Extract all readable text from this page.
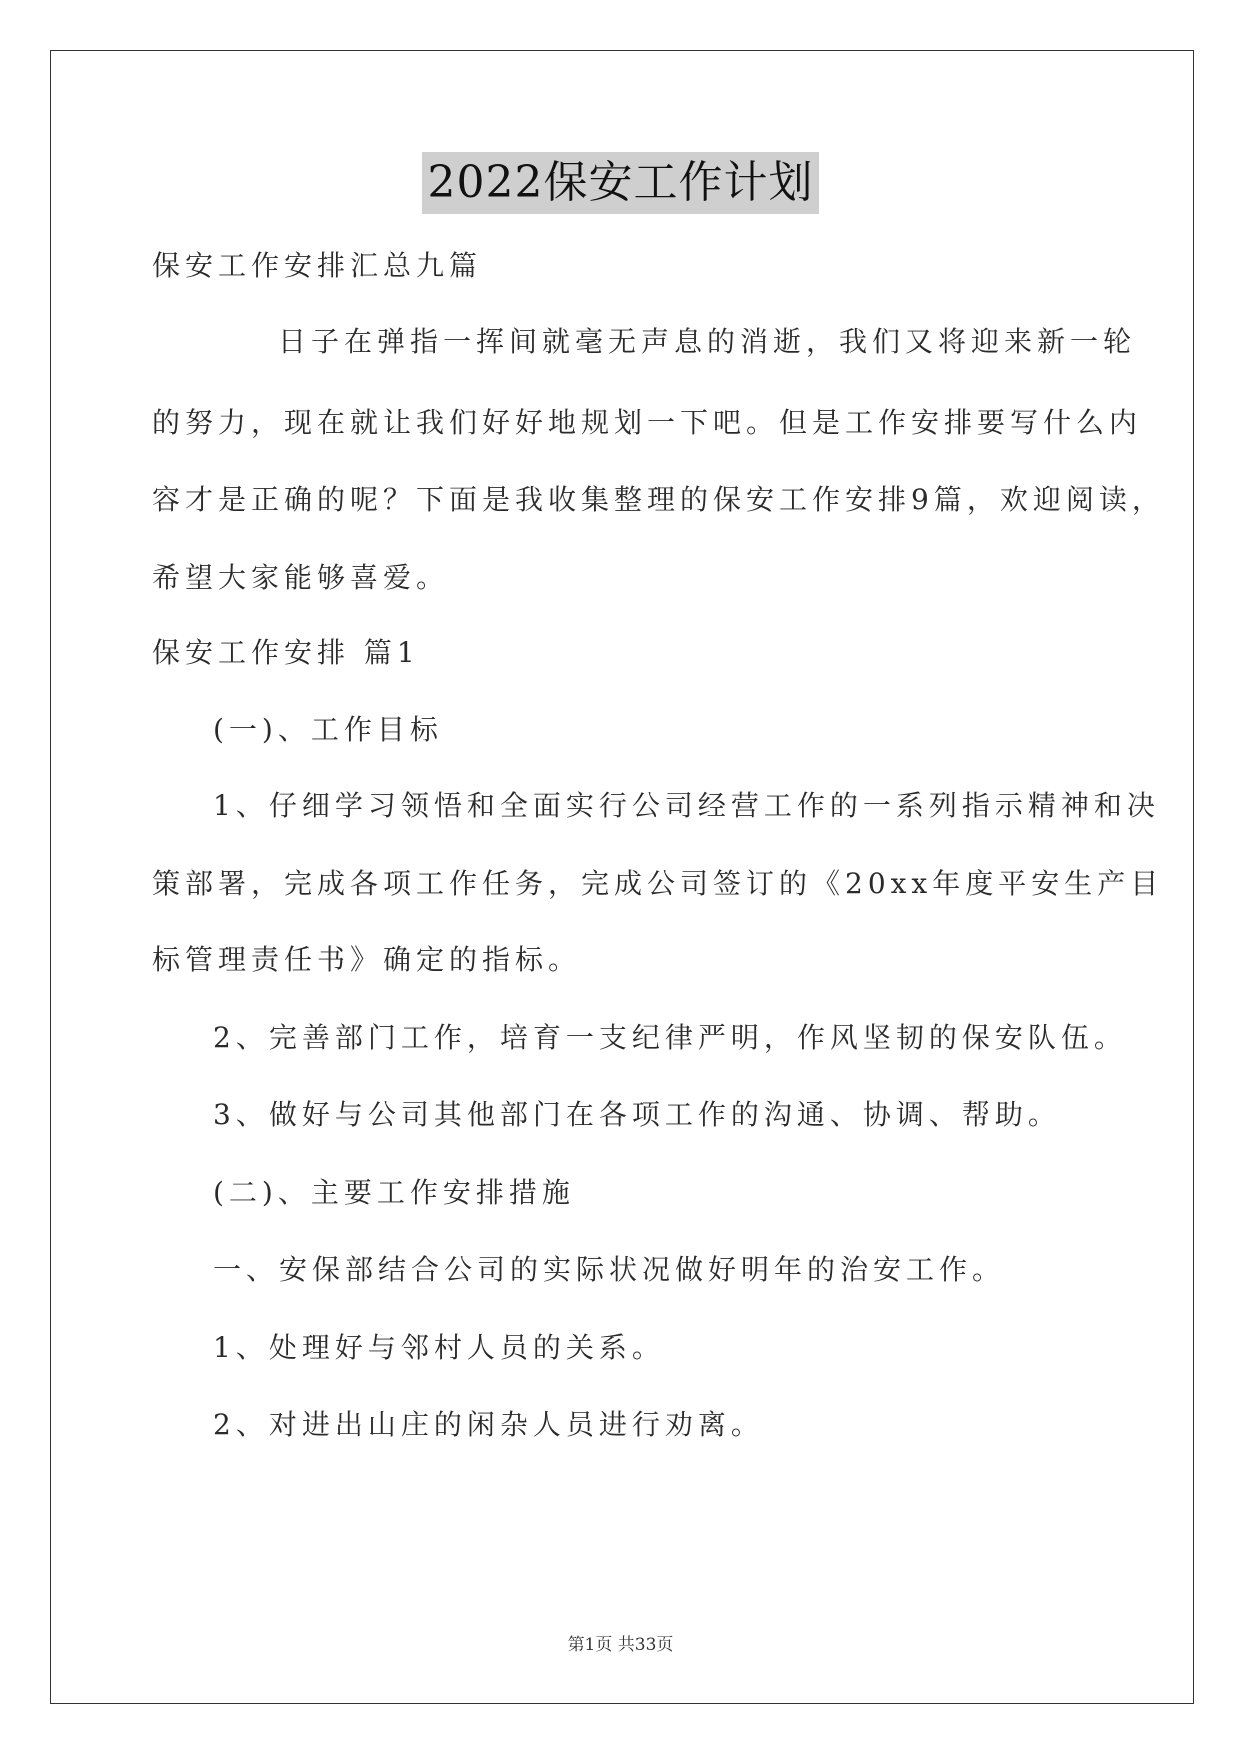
2022保安工作计划
保安工作安排汇总九篇
日子在弹指一挥间就毫无声息的消逝，我们又将迎来新一轮
的努力，现在就让我们好好地规划一下吧。但是工作安排要写什么内
容才是正确的呢？下面是我收集整理的保安工作安排9篇，欢迎阅读，
希望大家能够喜爱。
保安工作安排 篇1
(一)、工作目标
1、仔细学习领悟和全面实行公司经营工作的一系列指示精神和决
策部署，完成各项工作任务，完成公司签订的《20xx年度平安生产目
标管理责任书》确定的指标。
2、完善部门工作，培育一支纪律严明，作风坚韧的保安队伍。
3、做好与公司其他部门在各项工作的沟通、协调、帮助。
(二)、主要工作安排措施
一、安保部结合公司的实际状况做好明年的治安工作。
1、处理好与邻村人员的关系。
2、对进出山庄的闲杂人员进行劝离。
第1页 共33页
